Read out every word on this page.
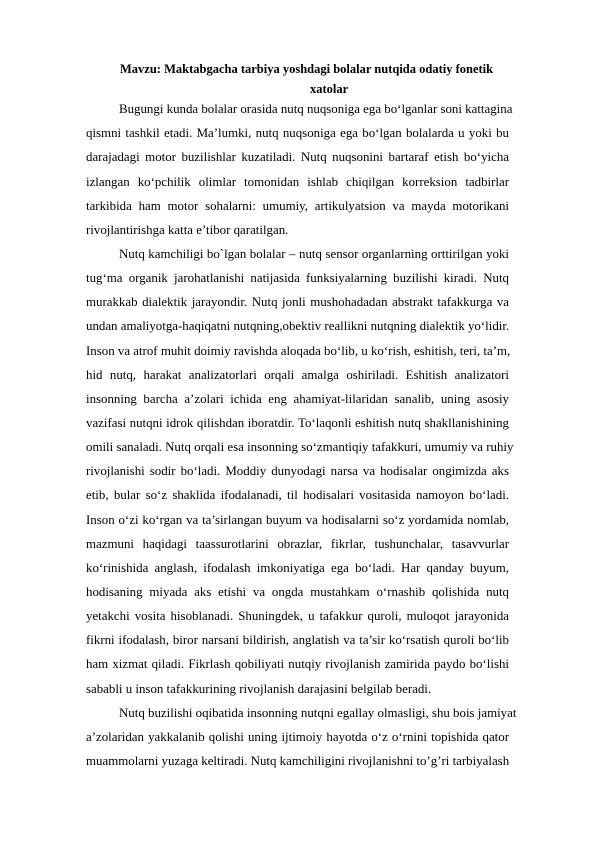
Mavzu: Maktabgacha tarbiya yoshdagi bolalar nutqida odatiy fonetik
xatolar
Bugungi kunda bolalar orasida nutq nuqsoniga ega bo‘lganlar soni kattagina
qismni tashkil etadi. Ma’lumki, nutq nuqsoniga ega bo‘lgan bolalarda u yoki bu
darajadagi motor buzilishlar kuzatiladi. Nutq nuqsonini bartaraf etish bo‘yicha
izlangan ko‘pchilik olimlar tomonidan ishlab chiqilgan korreksion tadbirlar
tarkibida ham motor sohalarni: umumiy, artikulyatsion va mayda motorikani
rivojlantirishga katta e’tibor qaratilgan.
Nutq kamchiligi bo`lgan bolalar – nutq sensor organlarning orttirilgan yoki
tug‘ma organik jarohatlanishi natijasida funksiyalarning buzilishi kiradi. Nutq
murakkab dialektik jarayondir. Nutq jonli mushohadadan abstrakt tafakkurga va
undan amaliyotga-haqiqatni nutqning,obektiv reallikni nutqning dialektik yo‘lidir.
Inson va atrof muhit doimiy ravishda aloqada bo‘lib, u ko‘rish, eshitish, teri, ta’m,
hid nutq, harakat analizatorlari orqali amalga oshiriladi. Eshitish analizatori
insonning barcha a’zolari ichida eng ahamiyat-lilaridan sanalib, uning asosiy
vazifasi nutqni idrok qilishdan iboratdir. To‘laqonli eshitish nutq shakllanishining
omili sanaladi. Nutq orqali esa insonning so‘zmantiqiy tafakkuri, umumiy va ruhiy
rivojlanishi sodir bo‘ladi. Moddiy dunyodagi narsa va hodisalar ongimizda aks
etib, bular so‘z shaklida ifodalanadi, til hodisalari vositasida namoyon bo‘ladi.
Inson o‘zi ko‘rgan va ta’sirlangan buyum va hodisalarni so‘z yordamida nomlab,
mazmuni haqidagi taassurotlarini obrazlar, fikrlar, tushunchalar, tasavvurlar
ko‘rinishida anglash, ifodalash imkoniyatiga ega bo‘ladi. Har qanday buyum,
hodisaning miyada aks etishi va ongda mustahkam o‘rnashib qolishida nutq
yetakchi vosita hisoblanadi. Shuningdek, u tafakkur quroli, muloqot jarayonida
fikrni ifodalash, biror narsani bildirish, anglatish va ta’sir ko‘rsatish quroli bo‘lib
ham xizmat qiladi. Fikrlash qobiliyati nutqiy rivojlanish zamirida paydo bo‘lishi
sababli u inson tafakkurining rivojlanish darajasini belgilab beradi.
Nutq buzilishi oqibatida insonning nutqni egallay olmasligi, shu bois jamiyat
a’zolaridan yakkalanib qolishi uning ijtimoiy hayotda o‘z o‘rnini topishida qator
muammolarni yuzaga keltiradi. Nutq kamchiligini rivojlanishni to’g’ri tarbiyalash
